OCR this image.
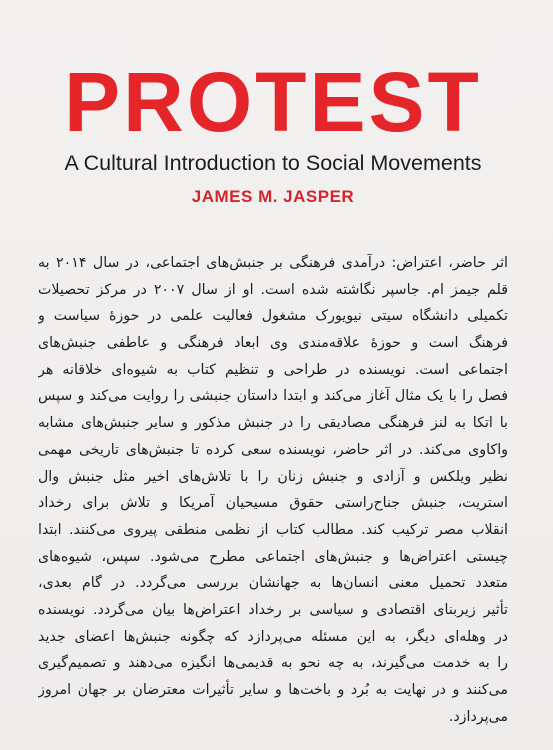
PROTEST
A Cultural Introduction to Social Movements
JAMES M. JASPER
اثر حاضر، اعتراض: درآمدی فرهنگی بر جنبش‌های اجتماعی، در سال ۲۰۱۴ به
قلم جیمز ام. جاسپر نگاشته شده است. او از سال ۲۰۰۷ در مرکز تحصیلات
تکمیلی دانشگاه سیتی نیویورک مشغول فعالیت علمی در حوزهٔ سیاست و
فرهنگ است و حوزهٔ علاقه‌مندی وی ابعاد فرهنگی و عاطفی جنبش‌های
اجتماعی است. نویسنده در طراحی و تنظیم کتاب به شیوه‌ای خلاقانه هر
فصل را با یک مثال آغاز می‌کند و ابتدا داستان جنبشی را روایت می‌کند و سپس
با اتکا به لنز فرهنگی مصادیقی را در جنبش مذکور و سایر جنبش‌های مشابه
واکاوی می‌کند. در اثر حاضر، نویسنده سعی کرده تا جنبش‌های تاریخی مهمی
نظیر ویلکس و آزادی و جنبش زنان را با تلاش‌های اخیر مثل جنبش وال
استریت، جنبش جناح‌راستی حقوق مسیحیان آمریکا و تلاش برای رخداد
انقلاب مصر ترکیب کند. مطالب کتاب از نظمی منطقی پیروی می‌کنند. ابتدا
چیستی اعتراض‌ها و جنبش‌های اجتماعی مطرح می‌شود. سپس، شیوه‌های
متعدد تحمیل معنی انسان‌ها به جهانشان بررسی می‌گردد. در گام بعدی،
تأثیر زیربنای اقتصادی و سیاسی بر رخداد اعتراض‌ها بیان می‌گردد. نویسنده
در وهله‌ای دیگر، به این مسئله می‌پردازد که چگونه جنبش‌ها اعضای جدید
را به خدمت می‌گیرند، به چه نحو به قدیمی‌ها انگیزه می‌دهند و تصمیم‌گیری
می‌کنند و در نهایت به بُرد و باخت‌ها و سایر تأثیرات معترضان بر جهان امروز
می‌پردازد.
